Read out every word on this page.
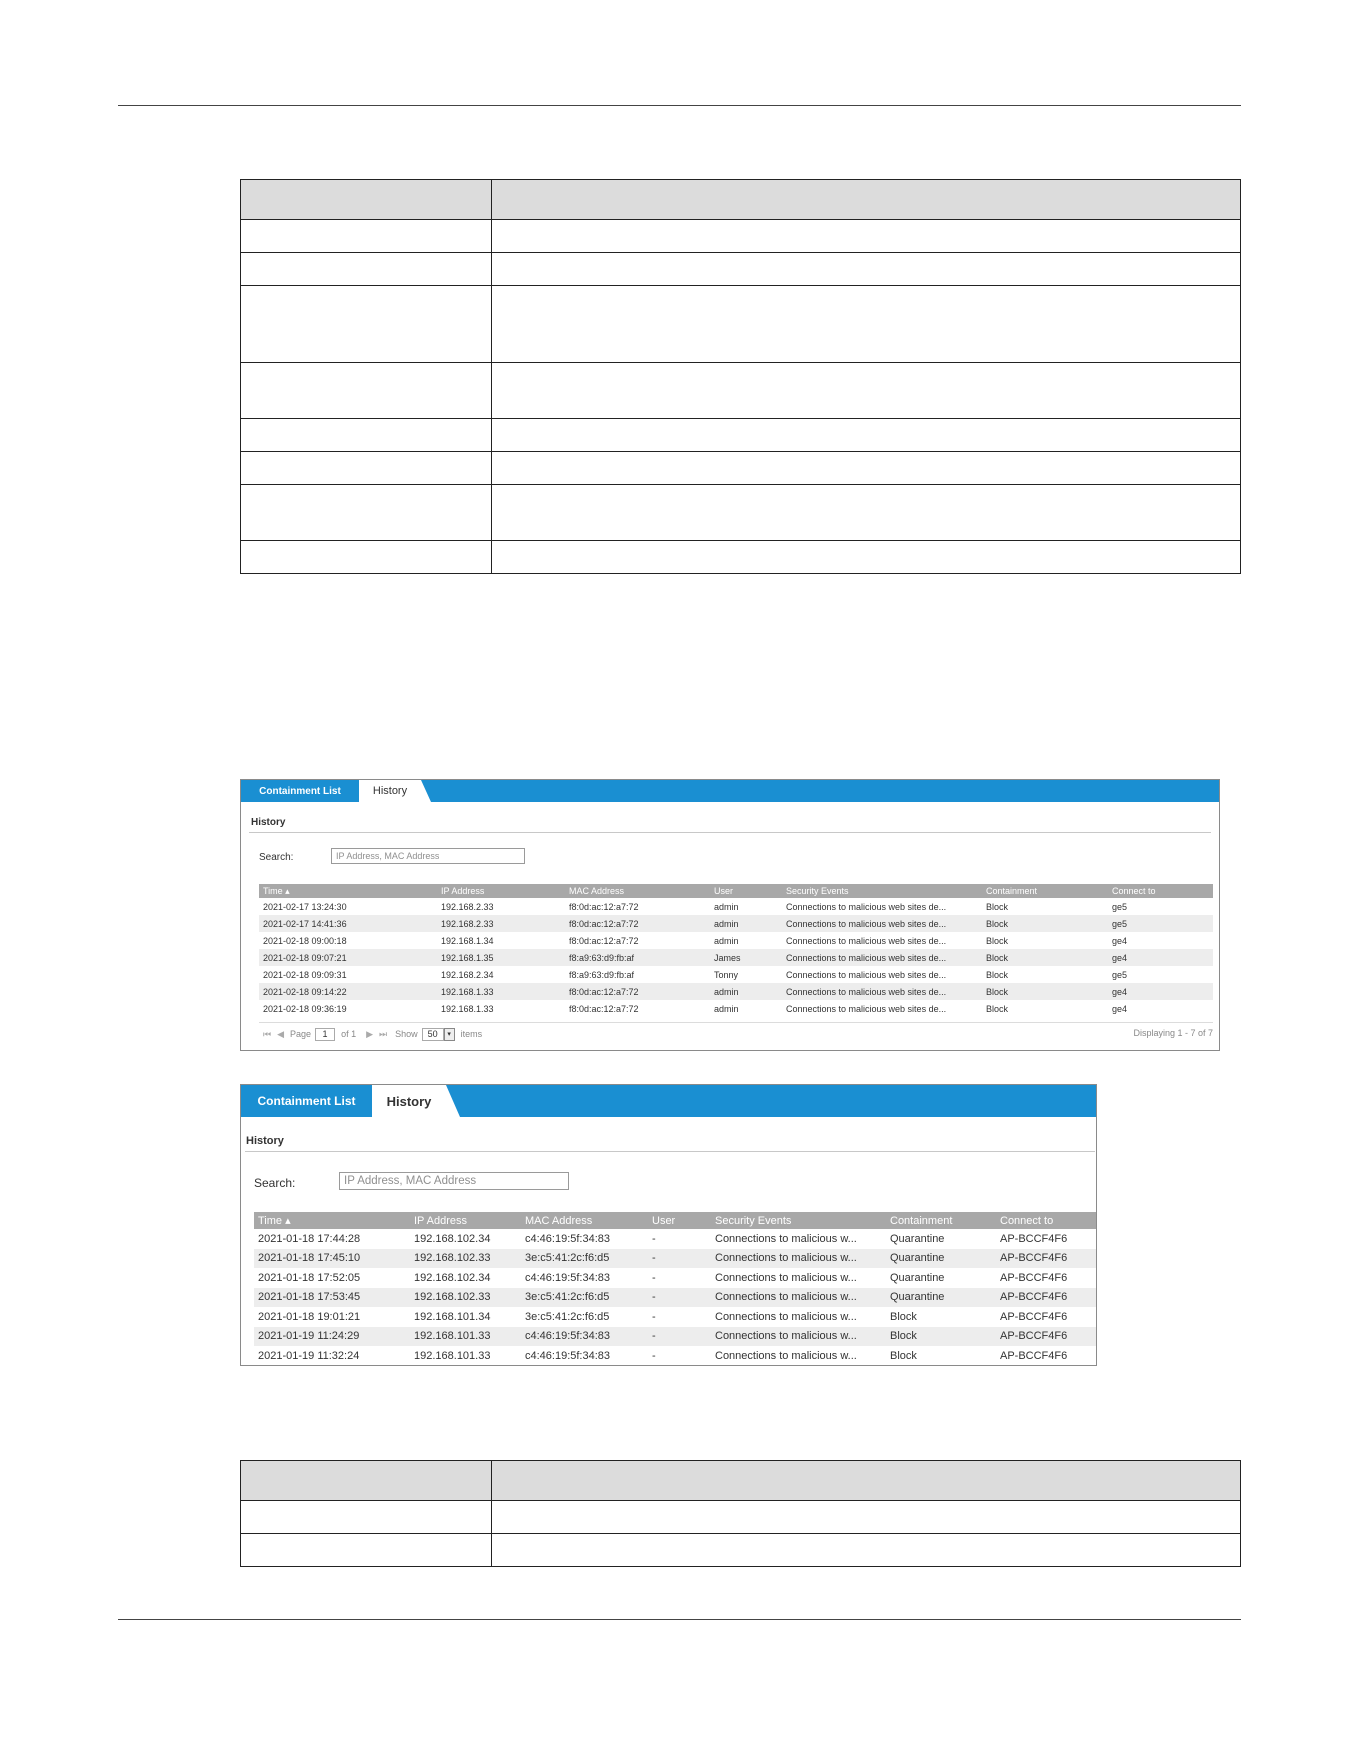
Containment List	History
History
Search:
IP Address, MAC Address
Time ▴	IP Address	MAC Address	User	Security Events	Containment	Connect to
2021-02-17 13:24:30	192.168.2.33	f8:0d:ac:12:a7:72	admin	Connections to malicious web sites de...	Block	ge5
2021-02-17 14:41:36	192.168.2.33	f8:0d:ac:12:a7:72	admin	Connections to malicious web sites de...	Block	ge5
2021-02-18 09:00:18	192.168.1.34	f8:0d:ac:12:a7:72	admin	Connections to malicious web sites de...	Block	ge4
2021-02-18 09:07:21	192.168.1.35	f8:a9:63:d9:fb:af	James	Connections to malicious web sites de...	Block	ge4
2021-02-18 09:09:31	192.168.2.34	f8:a9:63:d9:fb:af	Tonny	Connections to malicious web sites de...	Block	ge5
2021-02-18 09:14:22	192.168.1.33	f8:0d:ac:12:a7:72	admin	Connections to malicious web sites de...	Block	ge4
2021-02-18 09:36:19	192.168.1.33	f8:0d:ac:12:a7:72	admin	Connections to malicious web sites de...	Block	ge4
⏮ ◀ Page	1	of 1 ▶ ⏭ Show	50	▾	items	Displaying 1 - 7 of 7
Containment List History
History
Search:
IP Address, MAC Address
Time ▴	IP Address	MAC Address	User	Security Events	Containment	Connect to
2021-01-18 17:44:28	192.168.102.34	c4:46:19:5f:34:83	-	Connections to malicious w...	Quarantine	AP-BCCF4F6
2021-01-18 17:45:10	192.168.102.33	3e:c5:41:2c:f6:d5	-	Connections to malicious w...	Quarantine	AP-BCCF4F6
2021-01-18 17:52:05	192.168.102.34	c4:46:19:5f:34:83	-	Connections to malicious w...	Quarantine	AP-BCCF4F6
2021-01-18 17:53:45	192.168.102.33	3e:c5:41:2c:f6:d5	-	Connections to malicious w...	Quarantine	AP-BCCF4F6
2021-01-18 19:01:21	192.168.101.34	3e:c5:41:2c:f6:d5	-	Connections to malicious w...	Block	AP-BCCF4F6
2021-01-19 11:24:29	192.168.101.33	c4:46:19:5f:34:83	-	Connections to malicious w...	Block	AP-BCCF4F6
2021-01-19 11:32:24	192.168.101.33	c4:46:19:5f:34:83	-	Connections to malicious w...	Block	AP-BCCF4F6
